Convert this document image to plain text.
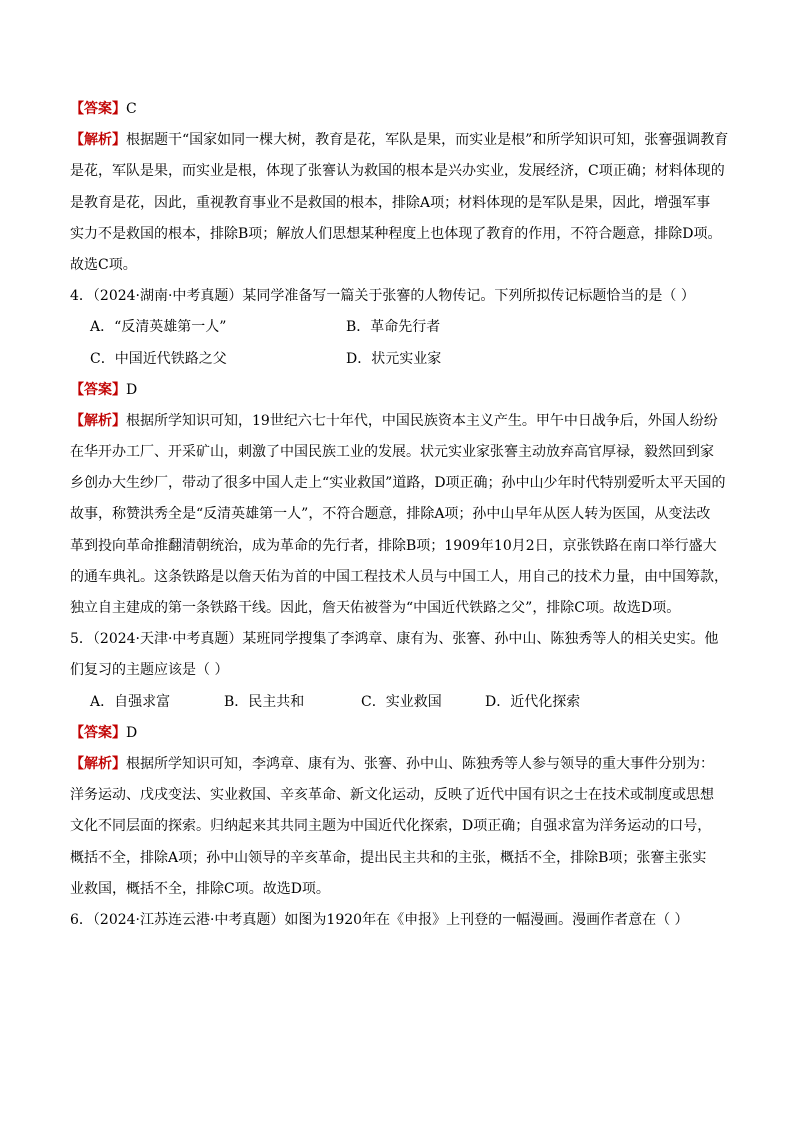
【答案】C
【解析】根据题干“国家如同一棵大树，教育是花，军队是果，而实业是根”和所学知识可知，张謇强调教育
是花，军队是果，而实业是根，体现了张謇认为救国的根本是兴办实业，发展经济，C项正确；材料体现的
是教育是花，因此，重视教育事业不是救国的根本，排除A项；材料体现的是军队是果，因此，增强军事
实力不是救国的根本，排除B项；解放人们思想某种程度上也体现了教育的作用，不符合题意，排除D项。
故选C项。
4．（2024·湖南·中考真题）某同学准备写一篇关于张謇的人物传记。下列所拟传记标题恰当的是（ ）
A．“反清英雄第一人”	B．革命先行者
C．中国近代铁路之父	D．状元实业家
【答案】D
【解析】根据所学知识可知，19世纪六七十年代，中国民族资本主义产生。甲午中日战争后，外国人纷纷
在华开办工厂、开采矿山，刺激了中国民族工业的发展。状元实业家张謇主动放弃高官厚禄，毅然回到家
乡创办大生纱厂，带动了很多中国人走上“实业救国”道路，D项正确；孙中山少年时代特别爱听太平天国的
故事，称赞洪秀全是“反清英雄第一人”，不符合题意，排除A项；孙中山早年从医人转为医国，从变法改
革到投向革命推翻清朝统治，成为革命的先行者，排除B项；1909年10月2日，京张铁路在南口举行盛大
的通车典礼。这条铁路是以詹天佑为首的中国工程技术人员与中国工人，用自己的技术力量，由中国筹款，
独立自主建成的第一条铁路干线。因此，詹天佑被誉为“中国近代铁路之父”，排除C项。故选D项。
5．（2024·天津·中考真题）某班同学搜集了李鸿章、康有为、张謇、孙中山、陈独秀等人的相关史实。他
们复习的主题应该是（ ）
A．自强求富	B．民主共和	C．实业救国	D．近代化探索
【答案】D
【解析】根据所学知识可知，李鸿章、康有为、张謇、孙中山、陈独秀等人参与领导的重大事件分别为：
洋务运动、戊戌变法、实业救国、辛亥革命、新文化运动，反映了近代中国有识之士在技术或制度或思想
文化不同层面的探索。归纳起来其共同主题为中国近代化探索，D项正确；自强求富为洋务运动的口号，
概括不全，排除A项；孙中山领导的辛亥革命，提出民主共和的主张，概括不全，排除B项；张謇主张实
业救国，概括不全，排除C项。故选D项。
6．（2024·江苏连云港·中考真题）如图为1920年在《申报》上刊登的一幅漫画。漫画作者意在（ ）
